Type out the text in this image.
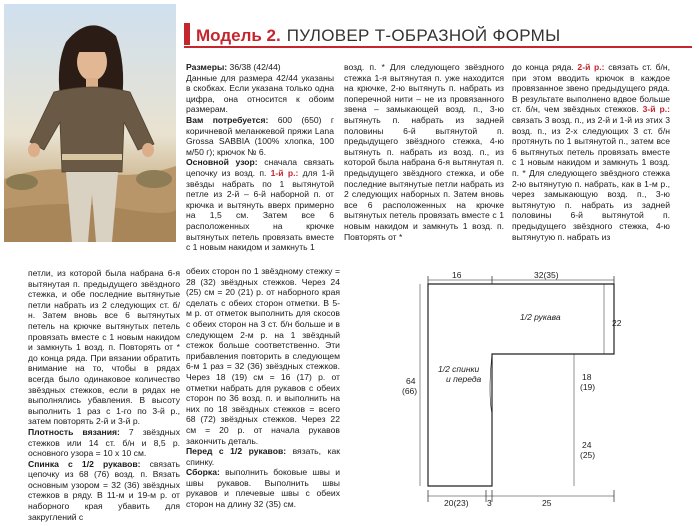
Модель 2. ПУЛОВЕР Т-ОБРАЗНОЙ ФОРМЫ

Размеры: 36/38 (42/44)

Данные для размера 42/44 указаны в скобках. Если указана только одна цифра, она относится к обоим размерам.

Вам потребуется: 600 (650) г коричневой меланжевой пряжи Lana Grossa SABBIA (100% хлопка, 100 м/50 г); крючок № 6.

Основной узор: сначала связать цепочку из возд. п. 1-й р.: для 1-й звёзды набрать по 1 вытянутой петле из 2-й – 6-й наборной п. от крючка и вытянуть вверх примерно на 1,5 см. Затем все 6 расположенных на крючке вытянутых петель провязать вместе с 1 новым накидом и замкнуть 1

возд. п. * Для следующего звёздного стежка 1-я вытянутая п. уже находится на крючке, 2-ю вытянуть п. набрать из поперечной нити – не из провязанного звена – замыкающей возд. п., 3-ю вытянуть п. набрать из задней половины 6-й вытянутой п. предыдущего звёздного стежка, 4-ю вытянуть п. набрать из возд. п., из которой была набрана 6-я вытянутая п. предыдущего звёздного стежка, и обе последние вытянутые петли набрать из 2 следующих наборных п. Затем вновь все 6 расположенных на крючке вытянутых петель провязать вместе с 1 новым накидом и замкнуть 1 возд. п. Повторять от *

до конца ряда. 2-й р.: связать ст. б/н, при этом вводить крючок в каждое провязанное звено предыдущего ряда. В результате выполнено вдвое больше ст. б/н, чем звёздных стежков. 3-й р.: связать 3 возд. п., из 2-й и 1-й из этих 3 возд. п., из 2-х следующих 3 ст. б/н протянуть по 1 вытянутой п., затем все 6 вытянутых петель провязать вместе с 1 новым накидом и замкнуть 1 возд. п. * Для следующего звёздного стежка 2-ю вытянутую п. набрать, как в 1-м р., через замыкающую возд. п., 3-ю вытянутую п. набрать из задней половины 6-й вытянутой п. предыдущего звёздного стежка, 4-ю вытянутую п. набрать из

петли, из которой была набрана 6-я вытянутая п. предыдущего звёздного стежка, и обе последние вытянутые петли набрать из 2 следующих ст. б/н. Затем вновь все 6 вытянутых петель на крючке вытянутых петель провязать вместе с 1 новым накидом и замкнуть 1 возд. п. Повторять от * до конца ряда. При вязании обратить внимание на то, чтобы в рядах всегда было одинаковое количество звёздных стежков, если в рядах не выполнялись убавления. В высоту выполнить 1 раз с 1-го по 3-й р., затем повторять 2-й и 3-й р.

Плотность вязания: 7 звёздных стежков или 14 ст. б/н и 8,5 р. основного узора = 10 х 10 см.

Спинка с 1/2 рукавов: связать цепочку из 68 (76) возд. п. Вязать основным узором = 32 (36) звёздных стежков в ряду. В 11-м и 19-м р. от наборного края убавить для закруглений с

обеих сторон по 1 звёздному стежку = 28 (32) звёздных стежков. Через 24 (25) см = 20 (21) р. от наборного края сделать с обеих сторон отметки. В 5-м р. от отметок выполнить для скосов с обеих сторон на 3 ст. б/н больше и в следующем 2-м р. на 1 звёздный стежок больше соответственно. Эти прибавления повторить в следующем 6-м 1 раз = 32 (36) звёздных стежков. Через 18 (19) см = 16 (17) р. от отметки набрать для рукавов с обеих сторон по 36 возд. п. и выполнить на них по 18 звёздных стежков = всего 68 (72) звёздных стежков. Через 22 см = 20 р. от начала рукавов закончить деталь.

Перед с 1/2 рукавов: вязать, как спинку.

Сборка: выполнить боковые швы и швы рукавов. Выполнить швы рукавов и плечевые швы с обеих сторон на длину 32 (35) см.

16	32(35)
1/2 рукава
1/2 спинки
и переда
22
18
(19)
24
(25)
64
(66)
20(23) 3	25
